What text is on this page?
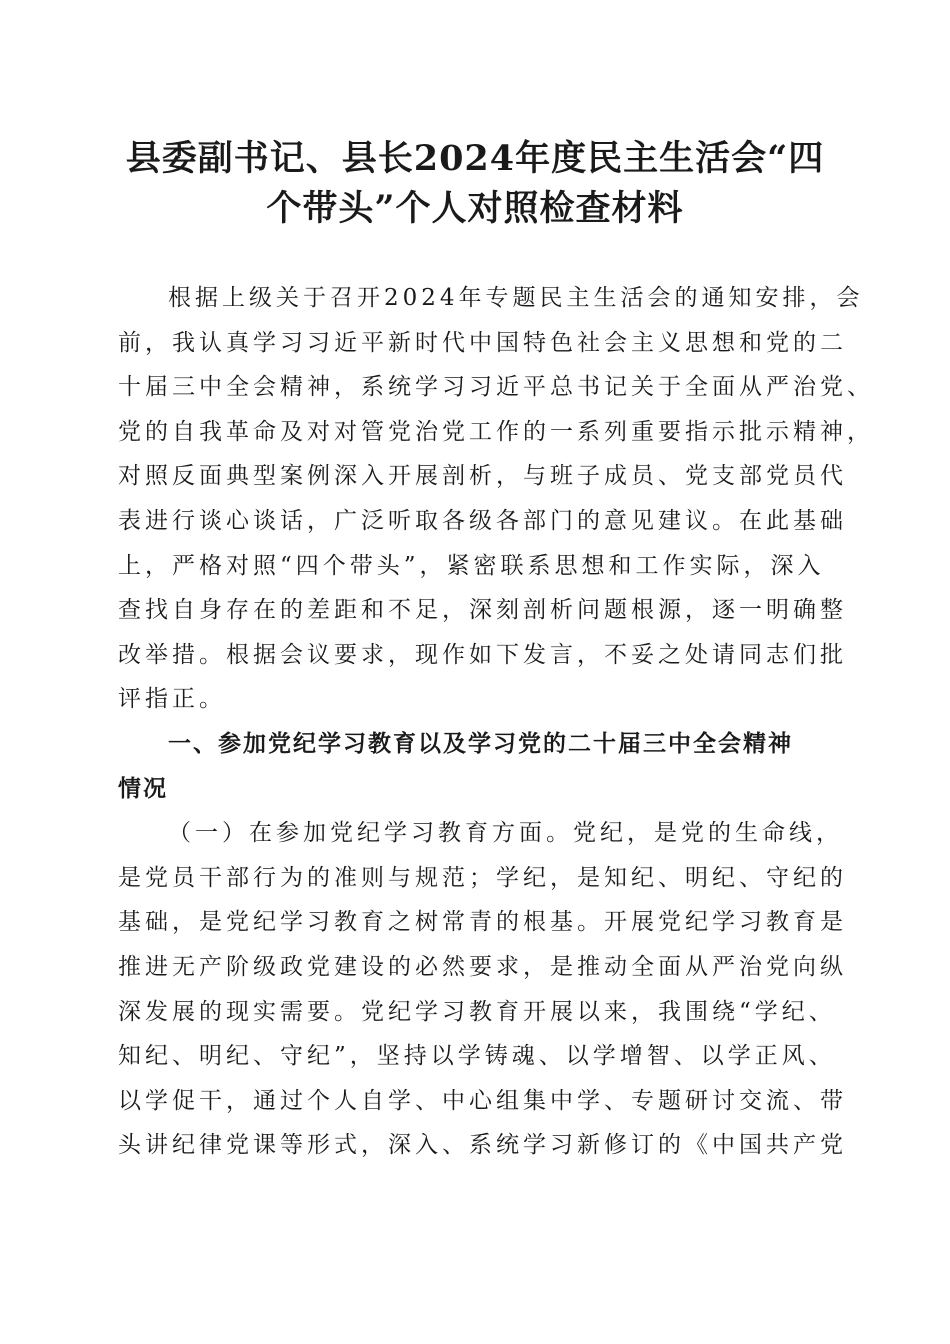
县委副书记、县长2024年度民主生活会“四
个带头”个人对照检查材料
根据上级关于召开2024年专题民主生活会的通知安排，会
前，我认真学习习近平新时代中国特色社会主义思想和党的二
十届三中全会精神，系统学习习近平总书记关于全面从严治党、
党的自我革命及对对管党治党工作的一系列重要指示批示精神，
对照反面典型案例深入开展剖析，与班子成员、党支部党员代
表进行谈心谈话，广泛听取各级各部门的意见建议。在此基础
上，严格对照“四个带头”，紧密联系思想和工作实际，深入
查找自身存在的差距和不足，深刻剖析问题根源，逐一明确整
改举措。根据会议要求，现作如下发言，不妥之处请同志们批
评指正。
一、参加党纪学习教育以及学习党的二十届三中全会精神
情况
（一）在参加党纪学习教育方面。党纪，是党的生命线，
是党员干部行为的准则与规范；学纪，是知纪、明纪、守纪的
基础，是党纪学习教育之树常青的根基。开展党纪学习教育是
推进无产阶级政党建设的必然要求，是推动全面从严治党向纵
深发展的现实需要。党纪学习教育开展以来，我围绕“学纪、
知纪、明纪、守纪”，坚持以学铸魂、以学增智、以学正风、
以学促干，通过个人自学、中心组集中学、专题研讨交流、带
头讲纪律党课等形式，深入、系统学习新修订的《中国共产党
